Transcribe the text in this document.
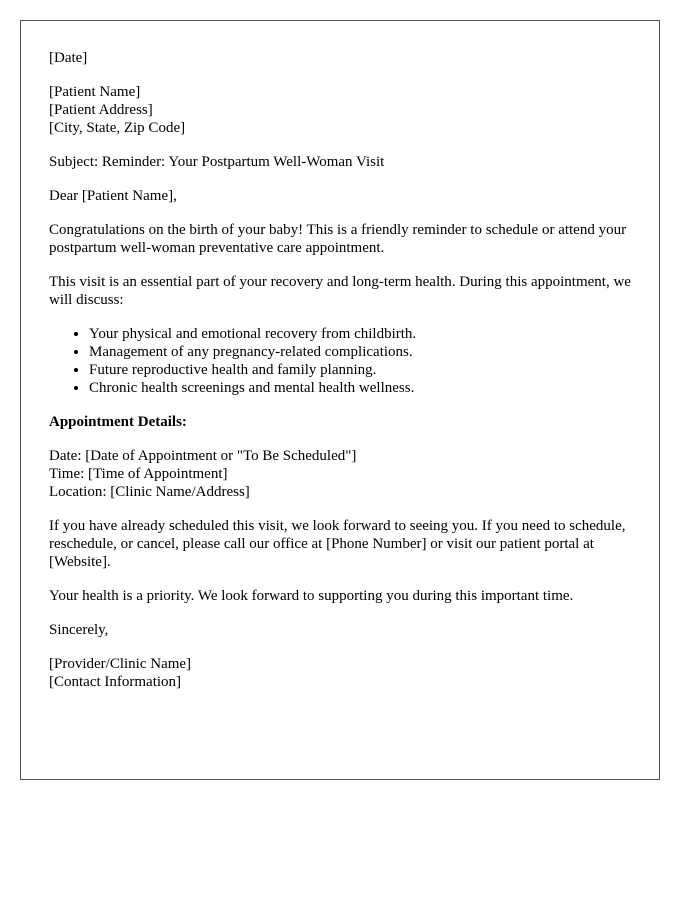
[Date]

[Patient Name]
[Patient Address]
[City, State, Zip Code]

Subject: Reminder: Your Postpartum Well-Woman Visit

Dear [Patient Name],

Congratulations on the birth of your baby! This is a friendly reminder to schedule or attend your postpartum well-woman preventative care appointment.

This visit is an essential part of your recovery and long-term health. During this appointment, we will discuss:

• Your physical and emotional recovery from childbirth.
• Management of any pregnancy-related complications.
• Future reproductive health and family planning.
• Chronic health screenings and mental health wellness.

Appointment Details:

Date: [Date of Appointment or "To Be Scheduled"]
Time: [Time of Appointment]
Location: [Clinic Name/Address]

If you have already scheduled this visit, we look forward to seeing you. If you need to schedule, reschedule, or cancel, please call our office at [Phone Number] or visit our patient portal at [Website].

Your health is a priority. We look forward to supporting you during this important time.

Sincerely,

[Provider/Clinic Name]
[Contact Information]
